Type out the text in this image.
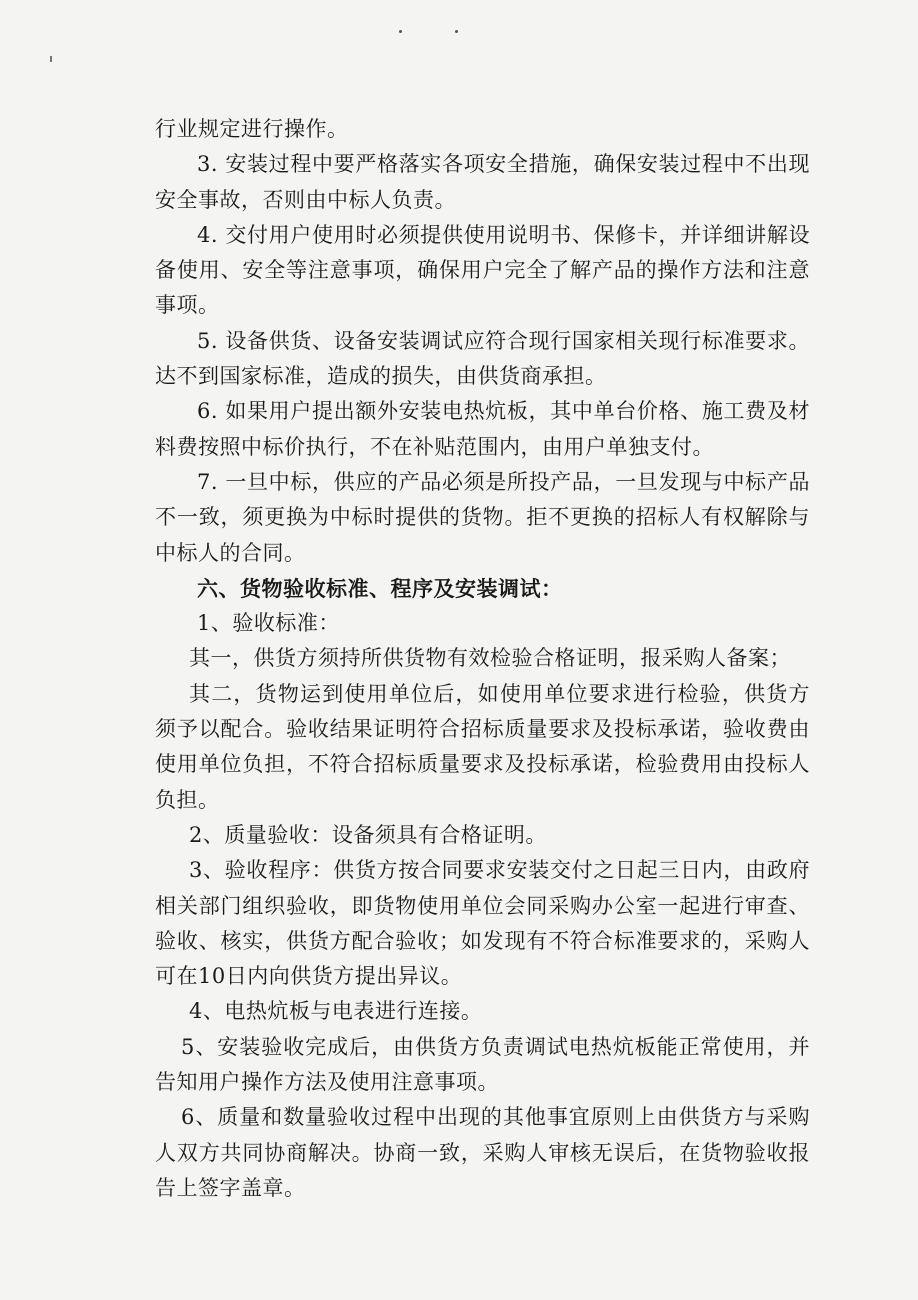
行业规定进行操作。

3. 安装过程中要严格落实各项安全措施，确保安装过程中不出现安全事故，否则由中标人负责。

4. 交付用户使用时必须提供使用说明书、保修卡，并详细讲解设备使用、安全等注意事项，确保用户完全了解产品的操作方法和注意事项。

5. 设备供货、设备安装调试应符合现行国家相关现行标准要求。达不到国家标准，造成的损失，由供货商承担。

6. 如果用户提出额外安装电热炕板，其中单台价格、施工费及材料费按照中标价执行，不在补贴范围内，由用户单独支付。

7. 一旦中标，供应的产品必须是所投产品，一旦发现与中标产品不一致，须更换为中标时提供的货物。拒不更换的招标人有权解除与中标人的合同。

六、货物验收标准、程序及安装调试：

1、验收标准：

其一，供货方须持所供货物有效检验合格证明，报采购人备案；

其二，货物运到使用单位后，如使用单位要求进行检验，供货方须予以配合。验收结果证明符合招标质量要求及投标承诺，验收费由使用单位负担，不符合招标质量要求及投标承诺，检验费用由投标人负担。

2、质量验收：设备须具有合格证明。

3、验收程序：供货方按合同要求安装交付之日起三日内，由政府相关部门组织验收，即货物使用单位会同采购办公室一起进行审查、验收、核实，供货方配合验收；如发现有不符合标准要求的，采购人可在10日内向供货方提出异议。

4、电热炕板与电表进行连接。

5、安装验收完成后，由供货方负责调试电热炕板能正常使用，并告知用户操作方法及使用注意事项。

6、质量和数量验收过程中出现的其他事宜原则上由供货方与采购人双方共同协商解决。协商一致，采购人审核无误后，在货物验收报告上签字盖章。
